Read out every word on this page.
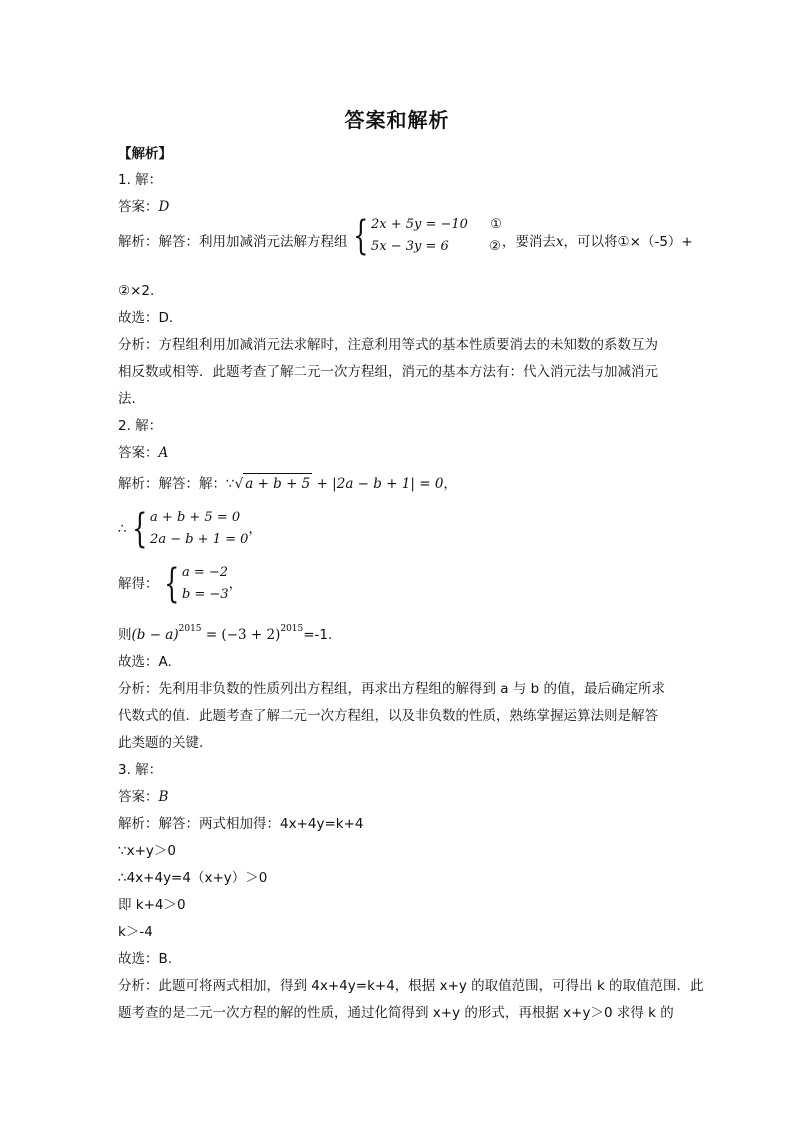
答案和解析
【解析】
1. 解：
答案：D
解析：解答：利用加减消元法解方程组 { 2x + 5y = −10 ①
5x − 3y = 6	② ，要消去x，可以将①×（-5）+
②×2.
故选：D.
分析：方程组利用加减消元法求解时，注意利用等式的基本性质要消去的未知数的系数互为
相反数或相等．此题考查了解二元一次方程组，消元的基本方法有：代入消元法与加减消元
法.
2. 解：
答案：A
解析：解答：解：∵ √ a + b + 5 + |2a − b + 1| = 0，
∴ { a + b + 5 = 0
2a − b + 1 = 0
，
解得： { a = −2
b = −3
，
则$(b - a)^{2015} = (-3 + 2)^{2015}=-1$.
故选：A.
分析：先利用非负数的性质列出方程组，再求出方程组的解得到 a 与 b 的值，最后确定所求
代数式的值．此题考查了解二元一次方程组，以及非负数的性质，熟练掌握运算法则是解答
此类题的关键.
3. 解：
答案：B
解析：解答：两式相加得：4x+4y=k+4
∵x+y＞0
∴4x+4y=4（x+y）＞0
即 k+4＞0
k＞-4
故选：B.
分析：此题可将两式相加，得到 4x+4y=k+4，根据 x+y 的取值范围，可得出 k 的取值范围．此
题考查的是二元一次方程的解的性质，通过化简得到 x+y 的形式，再根据 x+y＞0 求得 k 的
